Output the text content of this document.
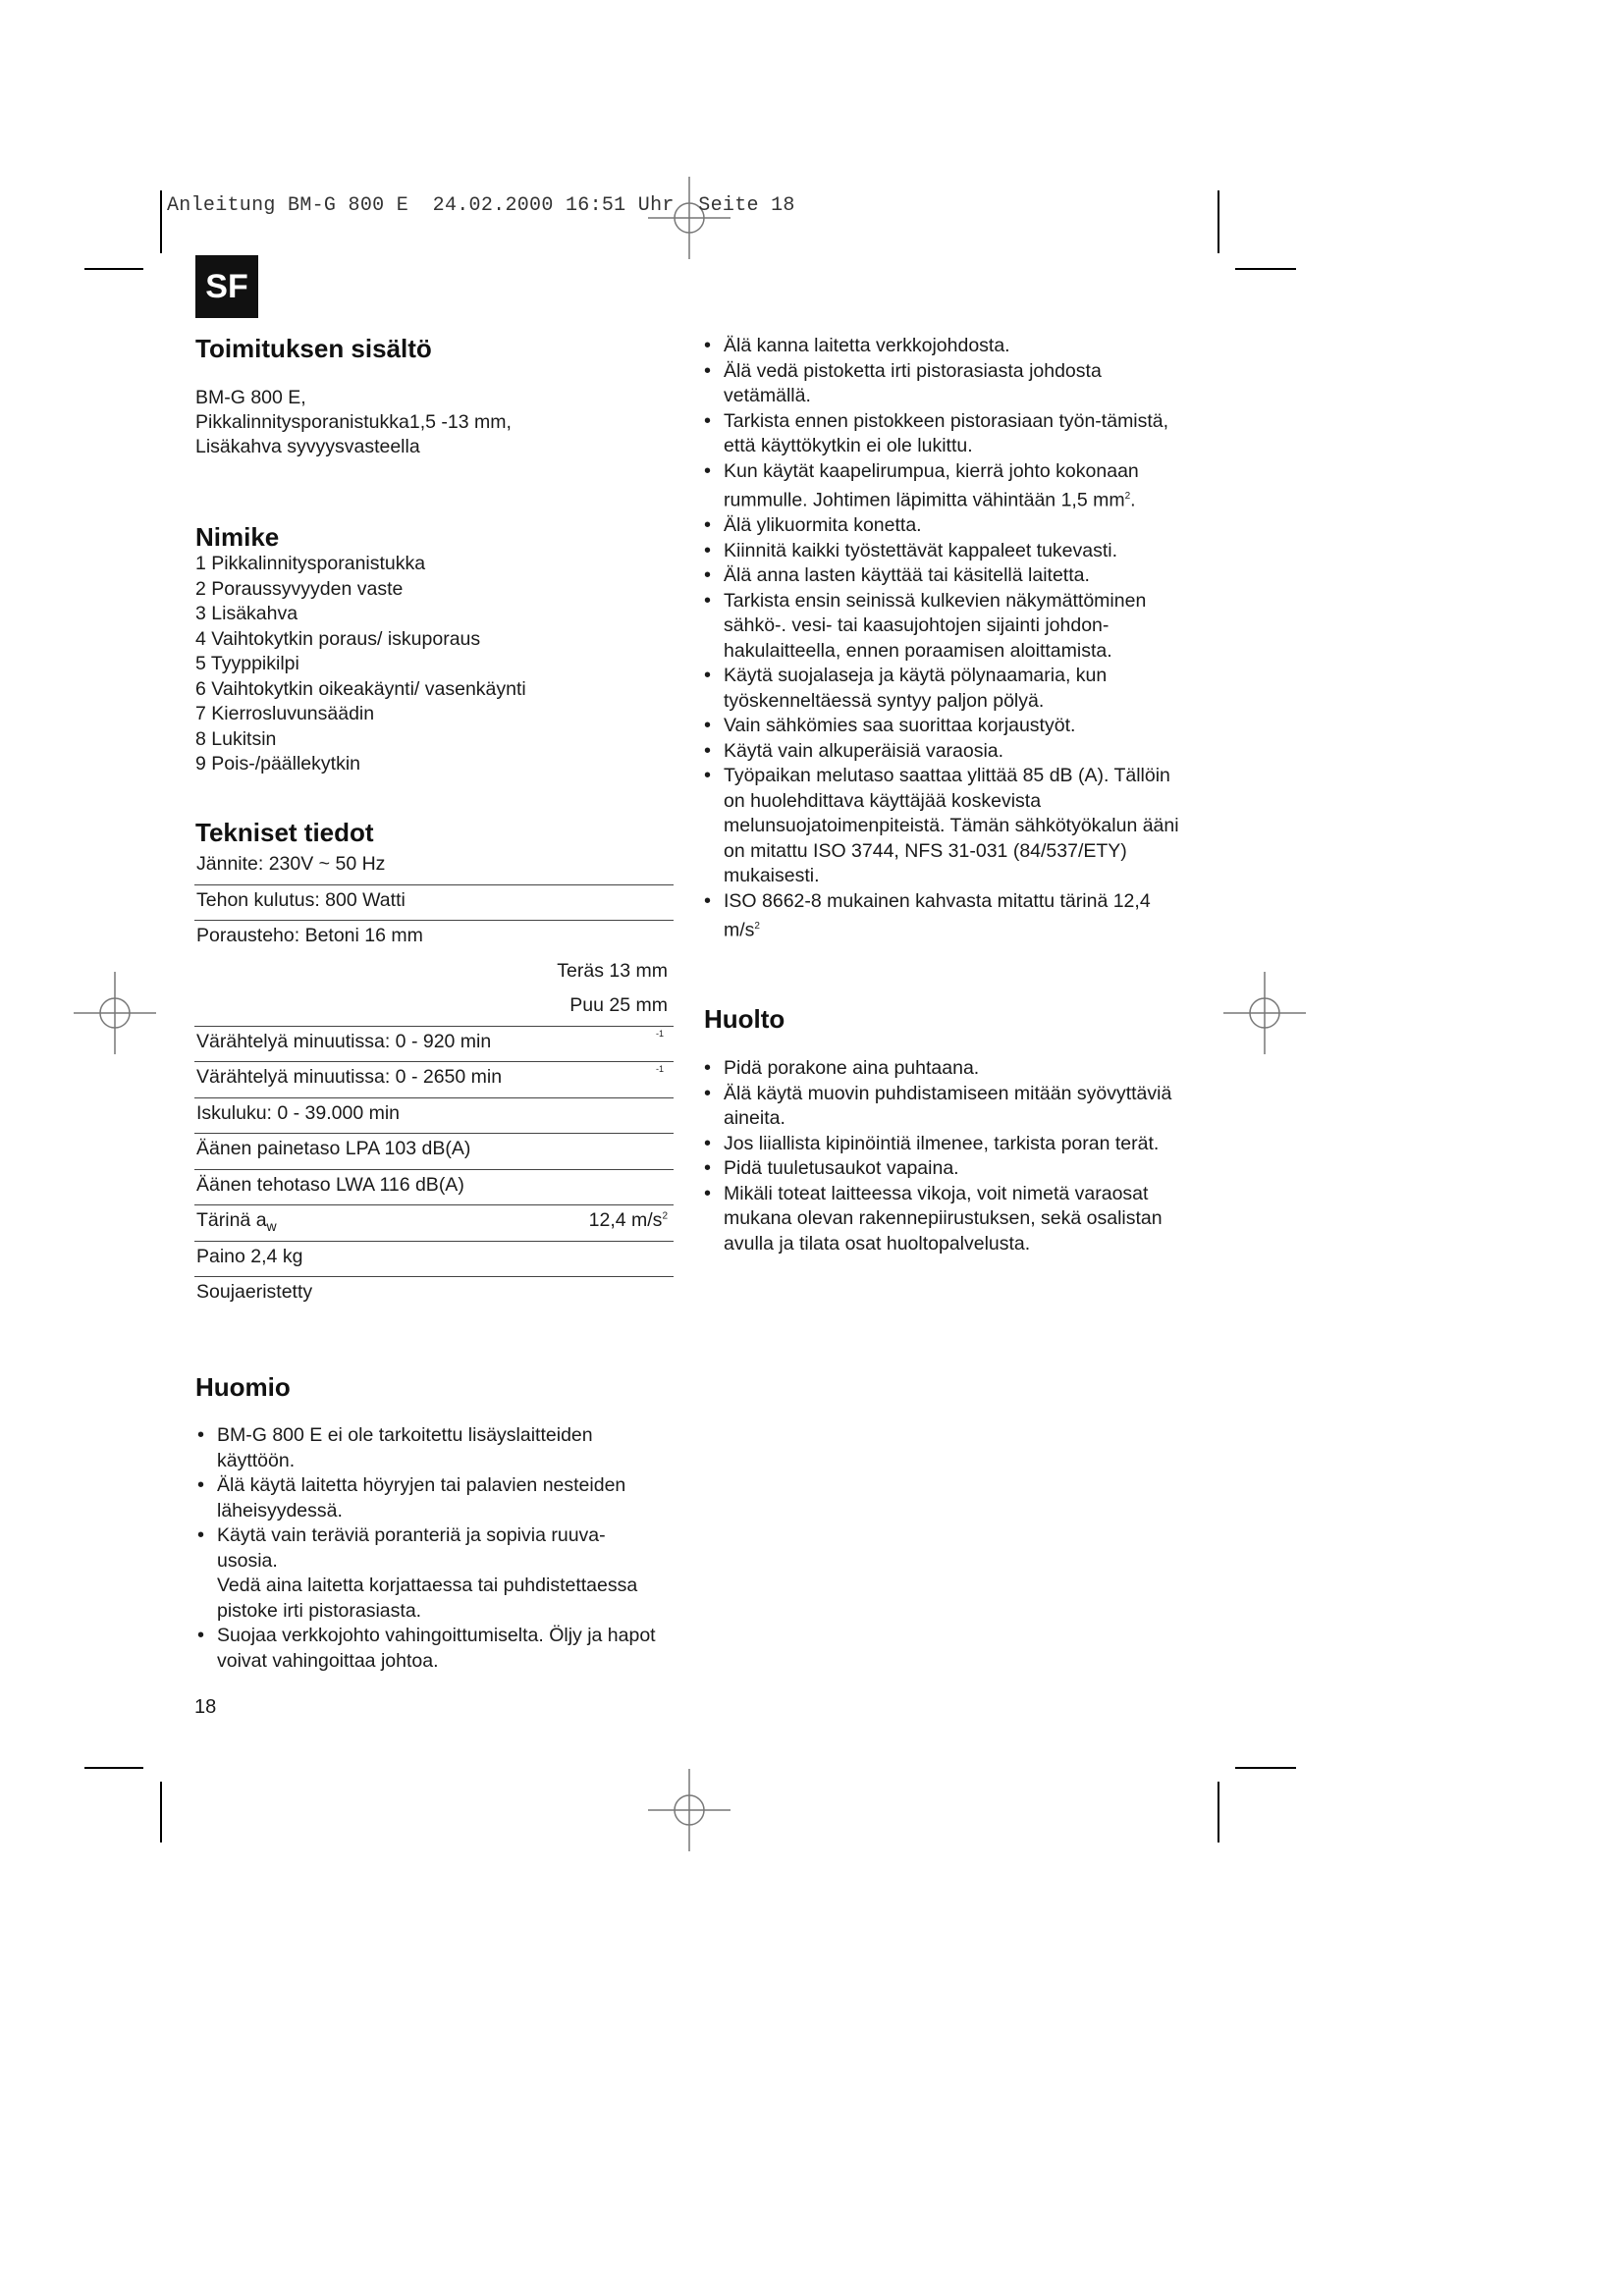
Anleitung BM-G 800 E  24.02.2000 16:51 Uhr  Seite 18
SF
Toimituksen sisältö
BM-G 800 E,
Pikkalinnitysporanistukka1,5 -13 mm,
Lisäkahva syvyysvasteella
Nimike
1 Pikkalinnitysporanistukka
2 Poraussyvyyden vaste
3 Lisäkahva
4 Vaihtokytkin poraus/ iskuporaus
5 Tyyppikilpi
6 Vaihtokytkin oikeakäynti/ vasenkäynti
7 Kierrosluvunsäädin
8 Lukitsin
9 Pois-/päällekytkin
Tekniset tiedot
Jännite: 230V ~ 50 Hz
Tehon kulutus: 800 Watti
Porausteho: Betoni 16 mm
Teräs 13 mm
Puu 25 mm
Värähtelyä minuutissa: 0 - 920 min	-1
Värähtelyä minuutissa: 0 - 2650 min	-1
Iskuluku: 0 - 39.000 min
Äänen painetaso LPA 103 dB(A)
Äänen tehotaso LWA 116 dB(A)
Tärinä $a_w$	12,4 $m/s^2$
Paino 2,4 kg
Soujaeristetty
Huomio
• BM-G 800 E ei ole tarkoitettu lisäyslaitteiden käyttöön.
• Älä käytä laitetta höyryjen tai palavien nesteiden läheisyydessä.
• Käytä vain teräviä poranteriä ja sopivia ruuva-usosia.
Vedä aina laitetta korjattaessa tai puhdistettaessa pistoke irti pistorasiasta.
• Suojaa verkkojohto vahingoittumiselta. Öljy ja hapot voivat vahingoittaa johtoa.
18
• Älä kanna laitetta verkkojohdosta.
• Älä vedä pistoketta irti pistorasiasta johdosta vetämällä.
• Tarkista ennen pistokkeen pistorasiaan työn-tämistä, että käyttökytkin ei ole lukittu.
• Kun käytät kaapelirumpua, kierrä johto kokonaan rummulle. Johtimen läpimitta vähintään 1,5 $mm^2$.
• Älä ylikuormita konetta.
• Kiinnitä kaikki työstettävät kappaleet tukevasti.
• Älä anna lasten käyttää tai käsitellä laitetta.
• Tarkista ensin seinissä kulkevien näkymättöminen sähkö-. vesi- tai kaasujohtojen sijainti johdon-hakulaitteella, ennen poraamisen aloittamista.
• Käytä suojalaseja ja käytä pölynaamaria, kun työskenneltäessä syntyy paljon pölyä.
• Vain sähkömies saa suorittaa korjaustyöt.
• Käytä vain alkuperäisiä varaosia.
• Työpaikan melutaso saattaa ylittää 85 dB (A). Tällöin on huolehdittava käyttäjää koskevista melunsuojatoimenpiteistä. Tämän sähkötyökalun ääni on mitattu ISO 3744, NFS 31-031 (84/537/ETY) mukaisesti.
• ISO 8662-8 mukainen kahvasta mitattu tärinä 12,4 $m/s^2$
Huolto
• Pidä porakone aina puhtaana.
• Älä käytä muovin puhdistamiseen mitään syövyttäviä aineita.
• Jos liiallista kipinöintiä ilmenee, tarkista poran terät.
• Pidä tuuletusaukot vapaina.
• Mikäli toteat laitteessa vikoja, voit nimetä varaosat mukana olevan rakennepiirustuksen, sekä osalistan avulla ja tilata osat huoltopalvelusta.
